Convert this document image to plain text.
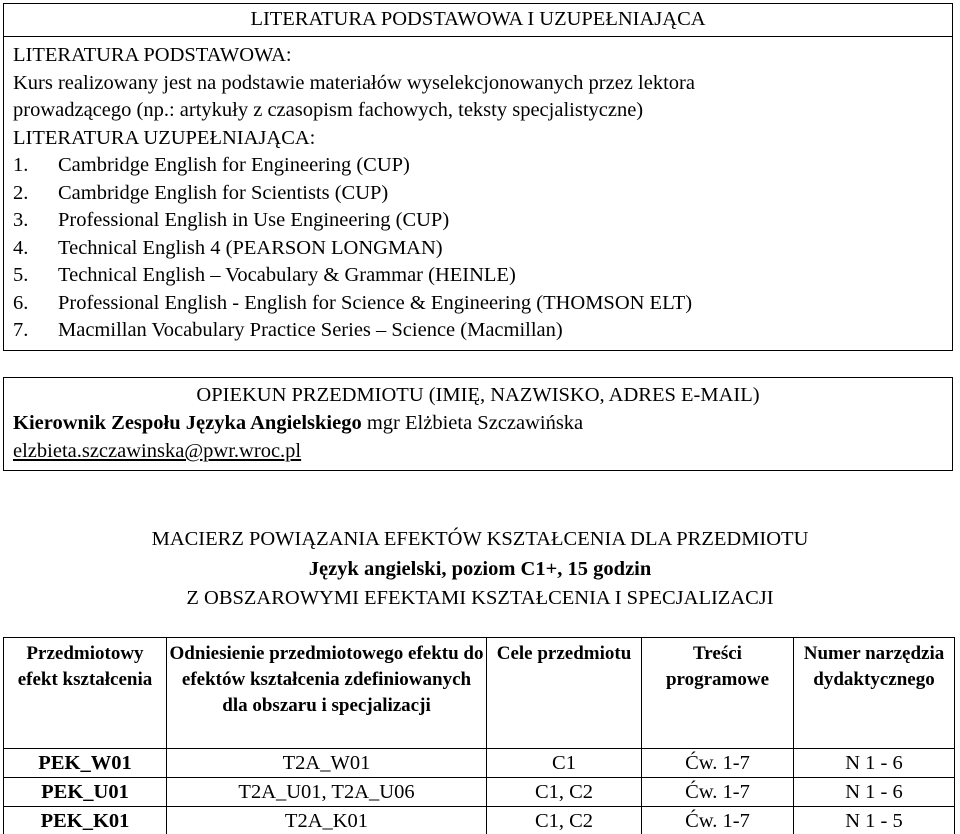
LITERATURA PODSTAWOWA I UZUPEŁNIAJĄCA
LITERATURA PODSTAWOWA:
Kurs realizowany jest na podstawie materiałów wyselekcjonowanych przez lektora
prowadzącego (np.: artykuły z czasopism fachowych, teksty specjalistyczne)
LITERATURA UZUPEŁNIAJĄCA:
1. Cambridge English for Engineering (CUP)
2. Cambridge English for Scientists (CUP)
3. Professional English in Use Engineering (CUP)
4. Technical English 4 (PEARSON LONGMAN)
5. Technical English – Vocabulary & Grammar (HEINLE)
6. Professional English - English for Science & Engineering (THOMSON ELT)
7. Macmillan Vocabulary Practice Series – Science (Macmillan)
OPIEKUN PRZEDMIOTU (IMIĘ, NAZWISKO, ADRES E-MAIL)
Kierownik Zespołu Języka Angielskiego mgr Elżbieta Szczawińska
elzbieta.szczawinska@pwr.wroc.pl
MACIERZ POWIĄZANIA EFEKTÓW KSZTAŁCENIA DLA PRZEDMIOTU
Język angielski, poziom C1+, 15 godzin
Z OBSZAROWYMI EFEKTAMI KSZTAŁCENIA I SPECJALIZACJI
Przedmiotowy efekt kształcenia	Odniesienie przedmiotowego efektu do efektów kształcenia zdefiniowanych dla obszaru i specjalizacji	Cele przedmiotu	Treści programowe	Numer narzędzia dydaktycznego
PEK_W01	T2A_W01	C1	Ćw. 1-7	N 1 - 6
PEK_U01	T2A_U01, T2A_U06	C1, C2	Ćw. 1-7	N 1 - 6
PEK_K01	T2A_K01	C1, C2	Ćw. 1-7	N 1 - 5
